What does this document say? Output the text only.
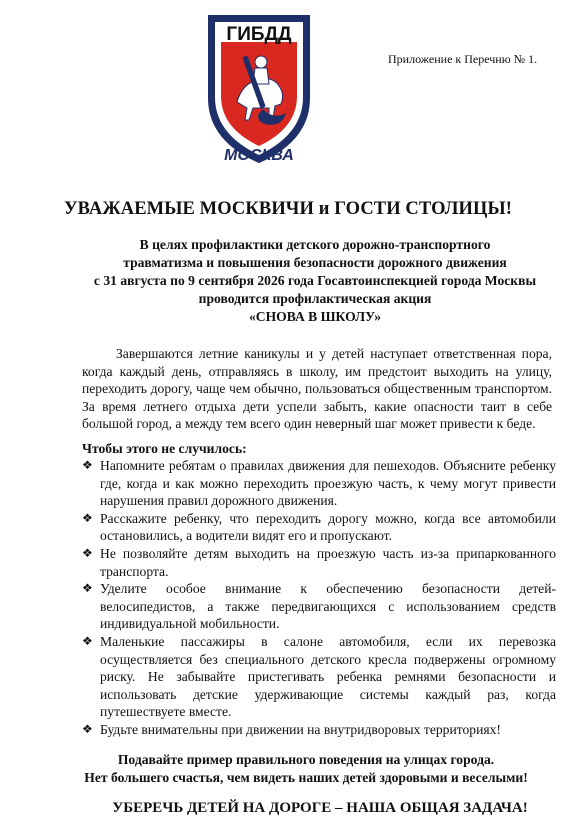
ГИБДД
МОСКВА
Приложение к Перечню № 1.
УВАЖАЕМЫЕ МОСКВИЧИ и ГОСТИ СТОЛИЦЫ!
В целях профилактики детского дорожно-транспортного
травматизма и повышения безопасности дорожного движения
с 31 августа по 9 сентября 2026 года Госавтоинспекцией города Москвы
проводится профилактическая акция
«СНОВА В ШКОЛУ»

Завершаются летние каникулы и у детей наступает ответственная пора, когда каждый день, отправляясь в школу, им предстоит выходить на улицу, переходить дорогу, чаще чем обычно, пользоваться общественным транспортом. За время летнего отдыха дети успели забыть, какие опасности таит в себе большой город, а между тем всего один неверный шаг может привести к беде.

Чтобы этого не случилось:
❖ Напомните ребятам о правилах движения для пешеходов. Объясните ребенку где, когда и как можно переходить проезжую часть, к чему могут привести нарушения правил дорожного движения.
❖ Расскажите ребенку, что переходить дорогу можно, когда все автомобили остановились, а водители видят его и пропускают.
❖ Не позволяйте детям выходить на проезжую часть из-за припаркованного транспорта.
❖ Уделите особое внимание к обеспечению безопасности детей-велосипедистов, а также передвигающихся с использованием средств индивидуальной мобильности.
❖ Маленькие пассажиры в салоне автомобиля, если их перевозка осуществляется без специального детского кресла подвержены огромному риску. Не забывайте пристегивать ребенка ремнями безопасности и использовать детские удерживающие системы каждый раз, когда путешествуете вместе.
❖ Будьте внимательны при движении на внутридворовых территориях!
Подавайте пример правильного поведения на улицах города.
Нет большего счастья, чем видеть наших детей здоровыми и веселыми!
УБЕРЕЧЬ ДЕТЕЙ НА ДОРОГЕ – НАША ОБЩАЯ ЗАДАЧА!
